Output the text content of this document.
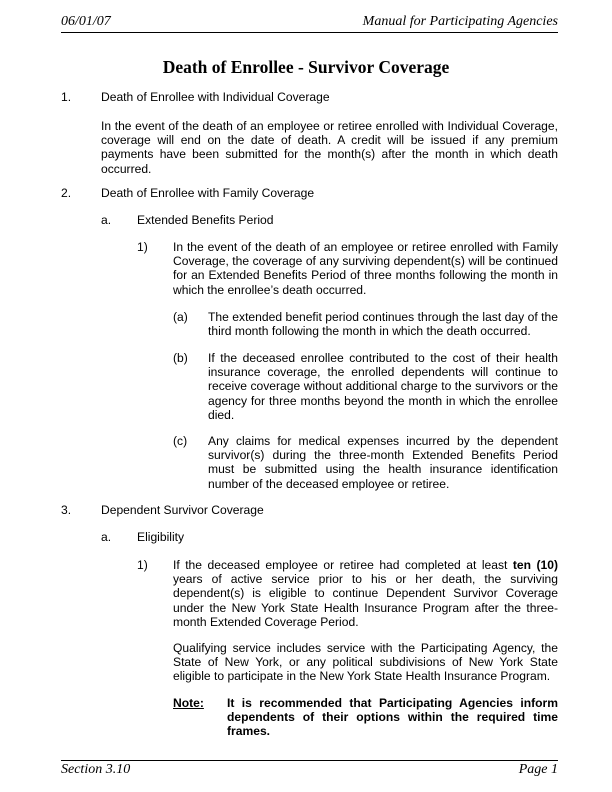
06/01/07	Manual for Participating Agencies
Death of Enrollee - Survivor Coverage
1. Death of Enrollee with Individual Coverage
In the event of the death of an employee or retiree enrolled with Individual Coverage, coverage will end on the date of death. A credit will be issued if any premium payments have been submitted for the month(s) after the month in which death occurred.
2. Death of Enrollee with Family Coverage
a. Extended Benefits Period
1) In the event of the death of an employee or retiree enrolled with Family Coverage, the coverage of any surviving dependent(s) will be continued for an Extended Benefits Period of three months following the month in which the enrollee’s death occurred.
(a) The extended benefit period continues through the last day of the third month following the month in which the death occurred.
(b) If the deceased enrollee contributed to the cost of their health insurance coverage, the enrolled dependents will continue to receive coverage without additional charge to the survivors or the agency for three months beyond the month in which the enrollee died.
(c) Any claims for medical expenses incurred by the dependent survivor(s) during the three-month Extended Benefits Period must be submitted using the health insurance identification number of the deceased employee or retiree.
3. Dependent Survivor Coverage
a. Eligibility
1) If the deceased employee or retiree had completed at least ten (10) years of active service prior to his or her death, the surviving dependent(s) is eligible to continue Dependent Survivor Coverage under the New York State Health Insurance Program after the three-month Extended Coverage Period.
Qualifying service includes service with the Participating Agency, the State of New York, or any political subdivisions of New York State eligible to participate in the New York State Health Insurance Program.
Note: It is recommended that Participating Agencies inform dependents of their options within the required time frames.
Section 3.10	Page 1
